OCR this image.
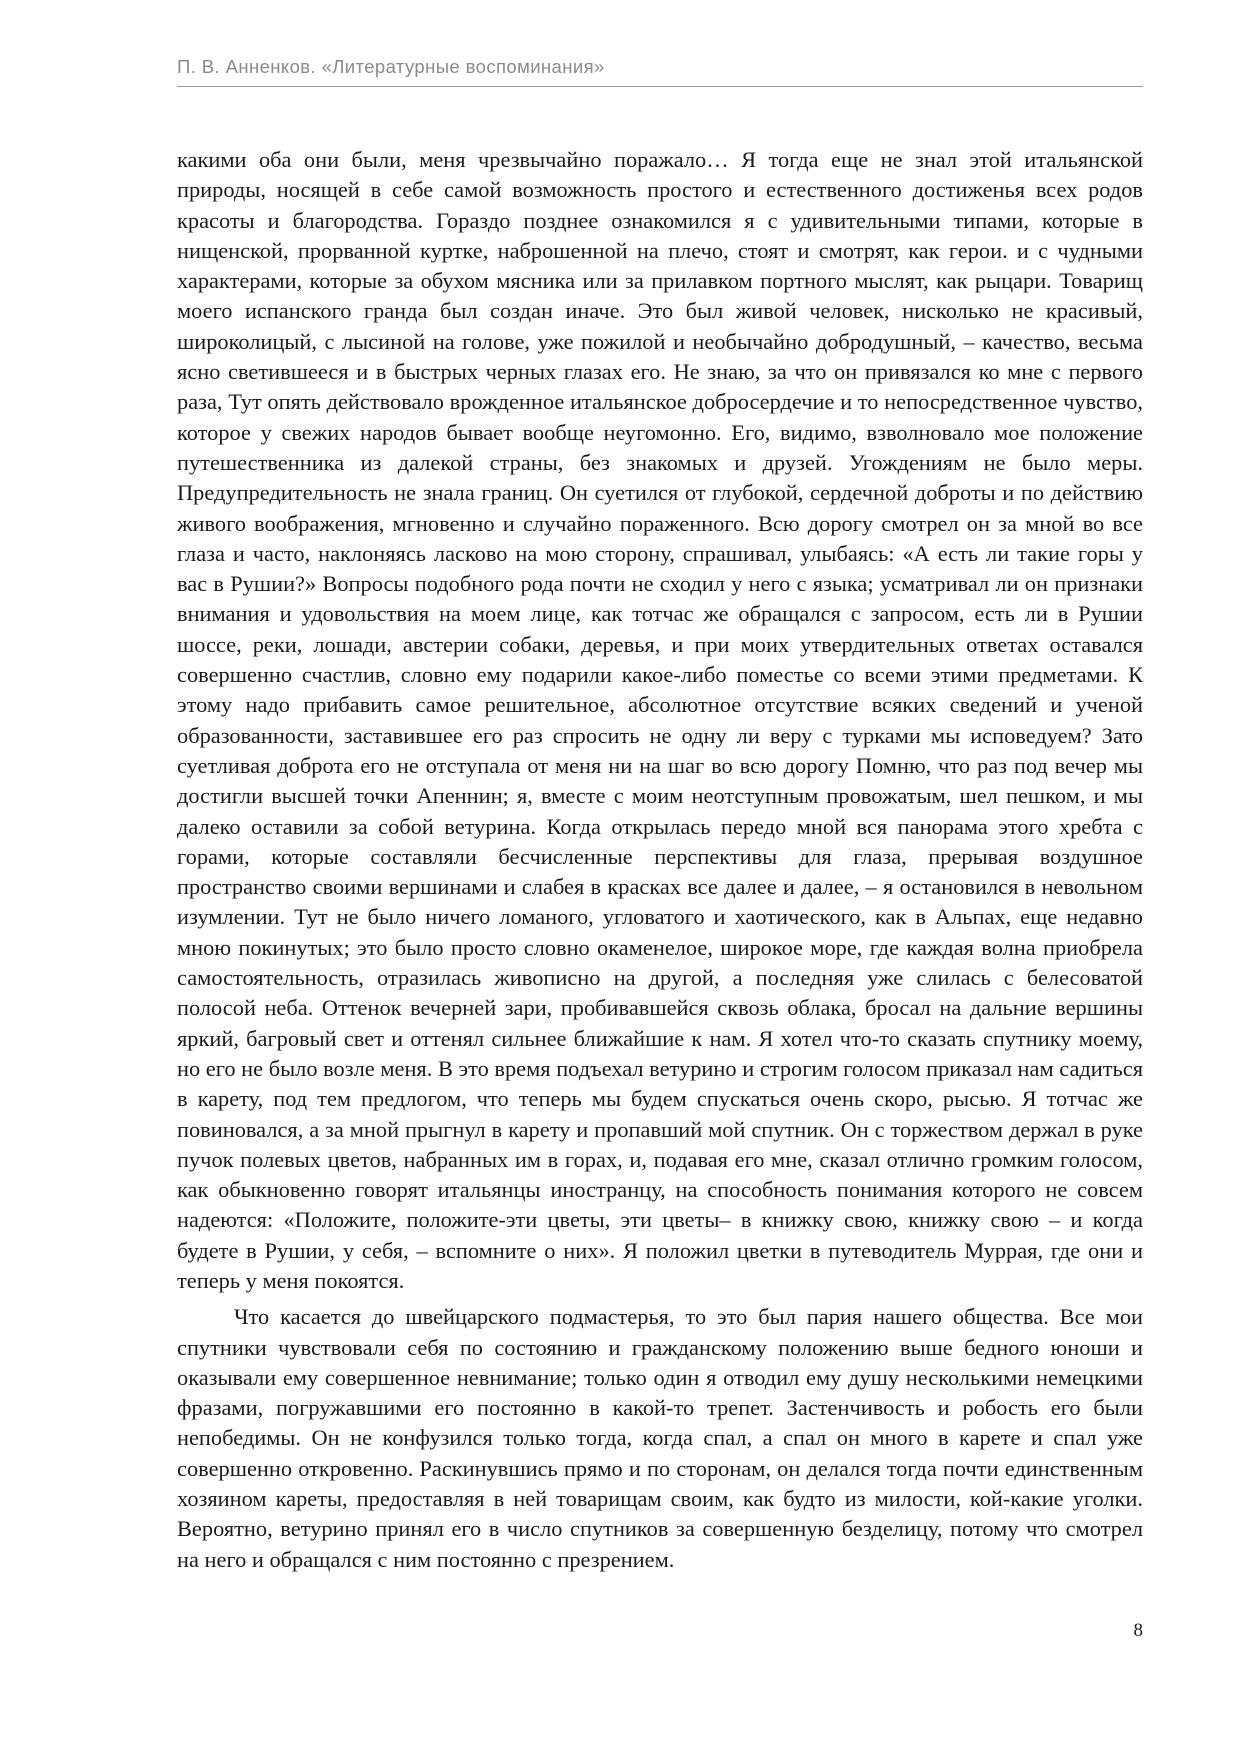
П. В. Анненков. «Литературные воспоминания»

какими оба они были, меня чрезвычайно поражало… Я тогда еще не знал этой итальянской природы, носящей в себе самой возможность простого и естественного достиженья всех родов красоты и благородства. Гораздо позднее ознакомился я с удивительными типами, которые в нищенской, прорванной куртке, наброшенной на плечо, стоят и смотрят, как герои. и с чудными характерами, которые за обухом мясника или за прилавком портного мыслят, как рыцари. Товарищ моего испанского гранда был создан иначе. Это был живой человек, нисколько не красивый, широколицый, с лысиной на голове, уже пожилой и необычайно добродушный, – качество, весьма ясно светившееся и в быстрых черных глазах его. Не знаю, за что он привязался ко мне с первого раза, Тут опять действовало врожденное итальянское добросердечие и то непосредственное чувство, которое у свежих народов бывает вообще неугомонно. Его, видимо, взволновало мое положение путешественника из далекой страны, без знакомых и друзей. Угождениям не было меры. Предупредительность не знала границ. Он суетился от глубокой, сердечной доброты и по действию живого воображения, мгновенно и случайно пораженного. Всю дорогу смотрел он за мной во все глаза и часто, наклоняясь ласково на мою сторону, спрашивал, улыбаясь: «А есть ли такие горы у вас в Рушии?» Вопросы подобного рода почти не сходил у него с языка; усматривал ли он признаки внимания и удовольствия на моем лице, как тотчас же обращался с запросом, есть ли в Рушии шоссе, реки, лошади, австерии собаки, деревья, и при моих утвердительных ответах оставался совершенно счастлив, словно ему подарили какое-либо поместье со всеми этими предметами. К этому надо прибавить самое решительное, абсолютное отсутствие всяких сведений и ученой образованности, заставившее его раз спросить не одну ли веру с турками мы исповедуем? Зато суетливая доброта его не отступала от меня ни на шаг во всю дорогу Помню, что раз под вечер мы достигли высшей точки Апеннин; я, вместе с моим неотступным провожатым, шел пешком, и мы далеко оставили за собой ветурина. Когда открылась передо мной вся панорама этого хребта с горами, которые составляли бесчисленные перспективы для глаза, прерывая воздушное пространство своими вершинами и слабея в красках все далее и далее, – я остановился в невольном изумлении. Тут не было ничего ломаного, угловатого и хаотического, как в Альпах, еще недавно мною покинутых; это было просто словно окаменелое, широкое море, где каждая волна приобрела самостоятельность, отразилась живописно на другой, а последняя уже слилась с белесоватой полосой неба. Оттенок вечерней зари, пробивавшейся сквозь облака, бросал на дальние вершины яркий, багровый свет и оттенял сильнее ближайшие к нам. Я хотел что-то сказать спутнику моему, но его не было возле меня. В это время подъехал ветурино и строгим голосом приказал нам садиться в карету, под тем предлогом, что теперь мы будем спускаться очень скоро, рысью. Я тотчас же повиновался, а за мной прыгнул в карету и пропавший мой спутник. Он с торжеством держал в руке пучок полевых цветов, набранных им в горах, и, подавая его мне, сказал отлично громким голосом, как обыкновенно говорят итальянцы иностранцу, на способность понимания которого не совсем надеются: «Положите, положите-эти цветы, эти цветы– в книжку свою, книжку свою – и когда будете в Рушии, у себя, – вспомните о них». Я положил цветки в путеводитель Муррая, где они и теперь у меня покоятся.

Что касается до швейцарского подмастерья, то это был пария нашего общества. Все мои спутники чувствовали себя по состоянию и гражданскому положению выше бедного юноши и оказывали ему совершенное невнимание; только один я отводил ему душу несколькими немецкими фразами, погружавшими его постоянно в какой-то трепет. Застенчивость и робость его были непобедимы. Он не конфузился только тогда, когда спал, а спал он много в карете и спал уже совершенно откровенно. Раскинувшись прямо и по сторонам, он делался тогда почти единственным хозяином кареты, предоставляя в ней товарищам своим, как будто из милости, кой-какие уголки. Вероятно, ветурино принял его в число спутников за совершенную безделицу, потому что смотрел на него и обращался с ним постоянно с презрением.

8
